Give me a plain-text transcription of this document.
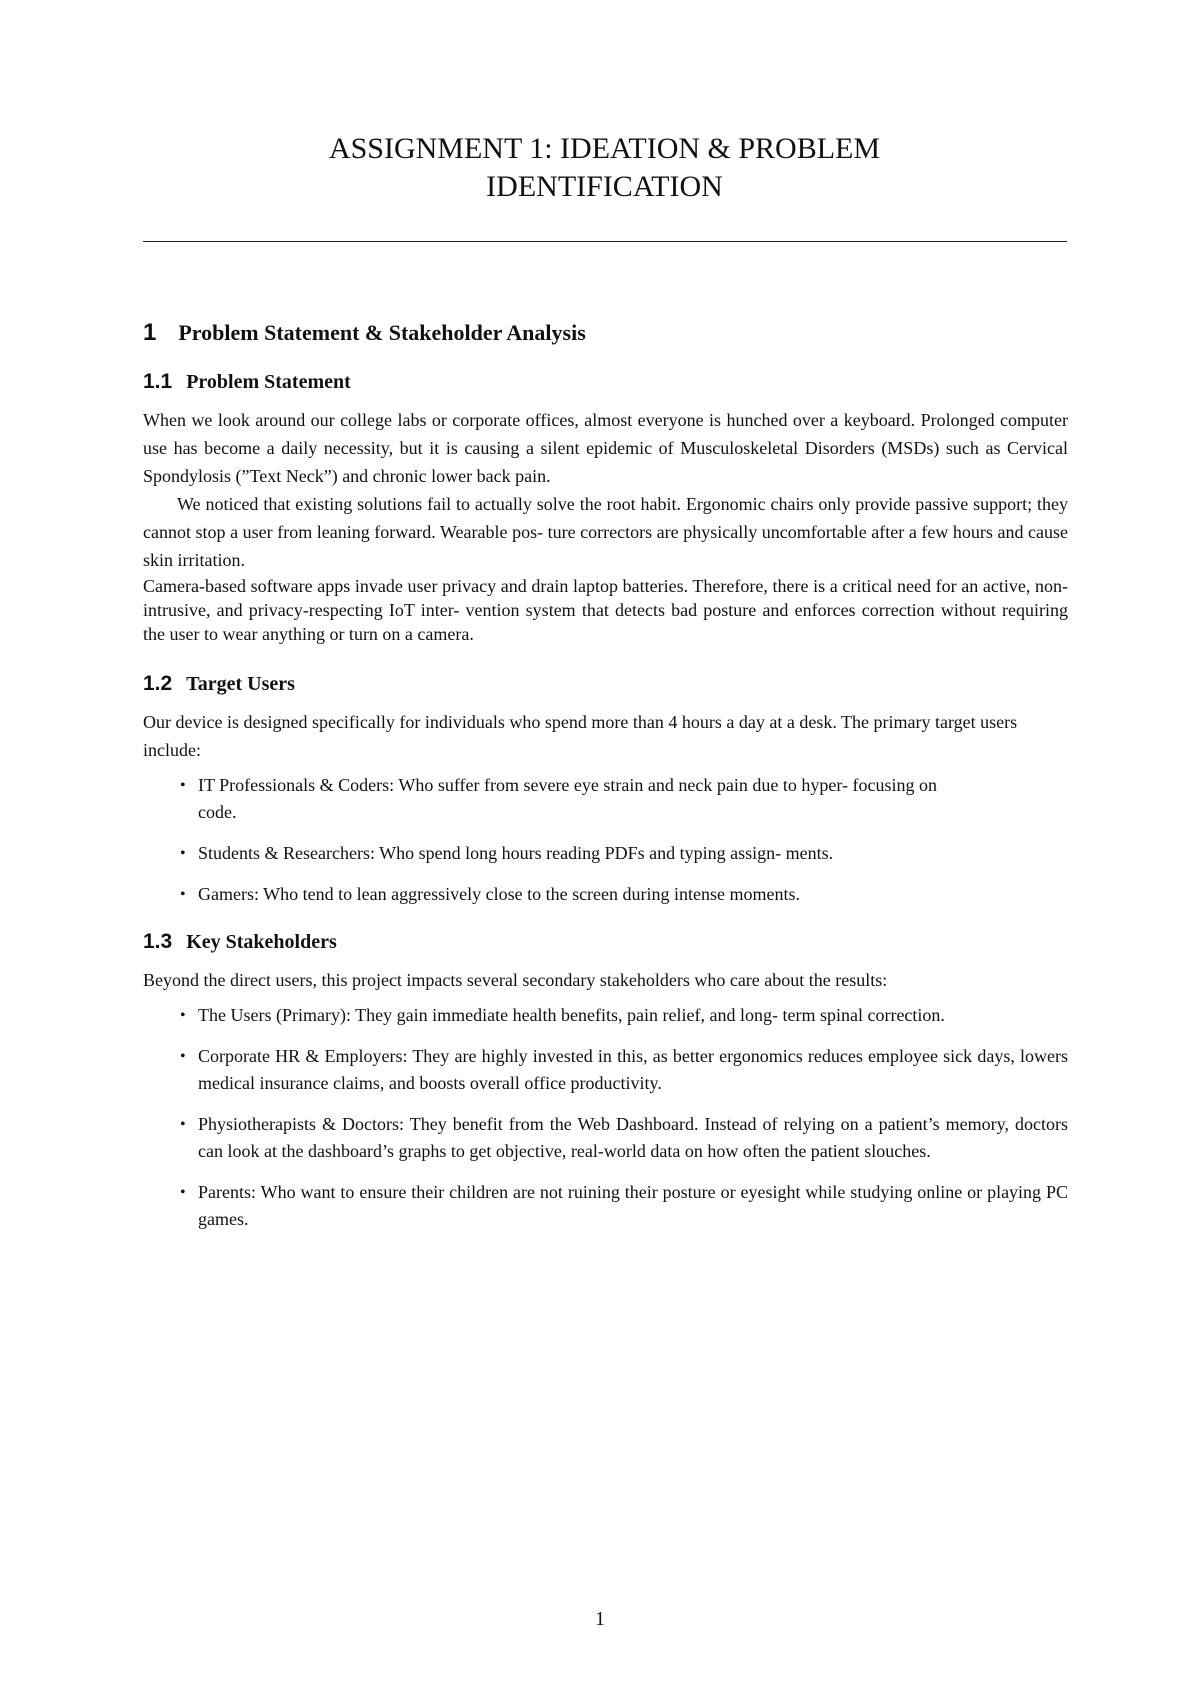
ASSIGNMENT 1: IDEATION & PROBLEM
IDENTIFICATION
1 Problem Statement & Stakeholder Analysis
1.1 Problem Statement

When we look around our college labs or corporate offices, almost everyone is hunched over a keyboard. Prolonged computer use has become a daily necessity, but it is causing a silent epidemic of Musculoskeletal Disorders (MSDs) such as Cervical Spondylosis (”Text Neck”) and chronic lower back pain.

We noticed that existing solutions fail to actually solve the root habit. Ergonomic chairs only provide passive support; they cannot stop a user from leaning forward. Wearable pos- ture correctors are physically uncomfortable after a few hours and cause skin irritation.

Camera-based software apps invade user privacy and drain laptop batteries. Therefore, there is a critical need for an active, non-intrusive, and privacy-respecting IoT inter- vention system that detects bad posture and enforces correction without requiring the user to wear anything or turn on a camera.

1.2 Target Users

Our device is designed specifically for individuals who spend more than 4 hours a day at a desk. The primary target users include:

• IT Professionals & Coders: Who suffer from severe eye strain and neck pain due to hyper- focusing on code.
• Students & Researchers: Who spend long hours reading PDFs and typing assign- ments.
• Gamers: Who tend to lean aggressively close to the screen during intense moments.
1.3 Key Stakeholders

Beyond the direct users, this project impacts several secondary stakeholders who care about the results:

• The Users (Primary): They gain immediate health benefits, pain relief, and long- term spinal correction.
• Corporate HR & Employers: They are highly invested in this, as better ergonomics reduces employee sick days, lowers medical insurance claims, and boosts overall office productivity.
• Physiotherapists & Doctors: They benefit from the Web Dashboard. Instead of relying on a patient’s memory, doctors can look at the dashboard’s graphs to get objective, real-world data on how often the patient slouches.
• Parents: Who want to ensure their children are not ruining their posture or eyesight while studying online or playing PC games.
1
